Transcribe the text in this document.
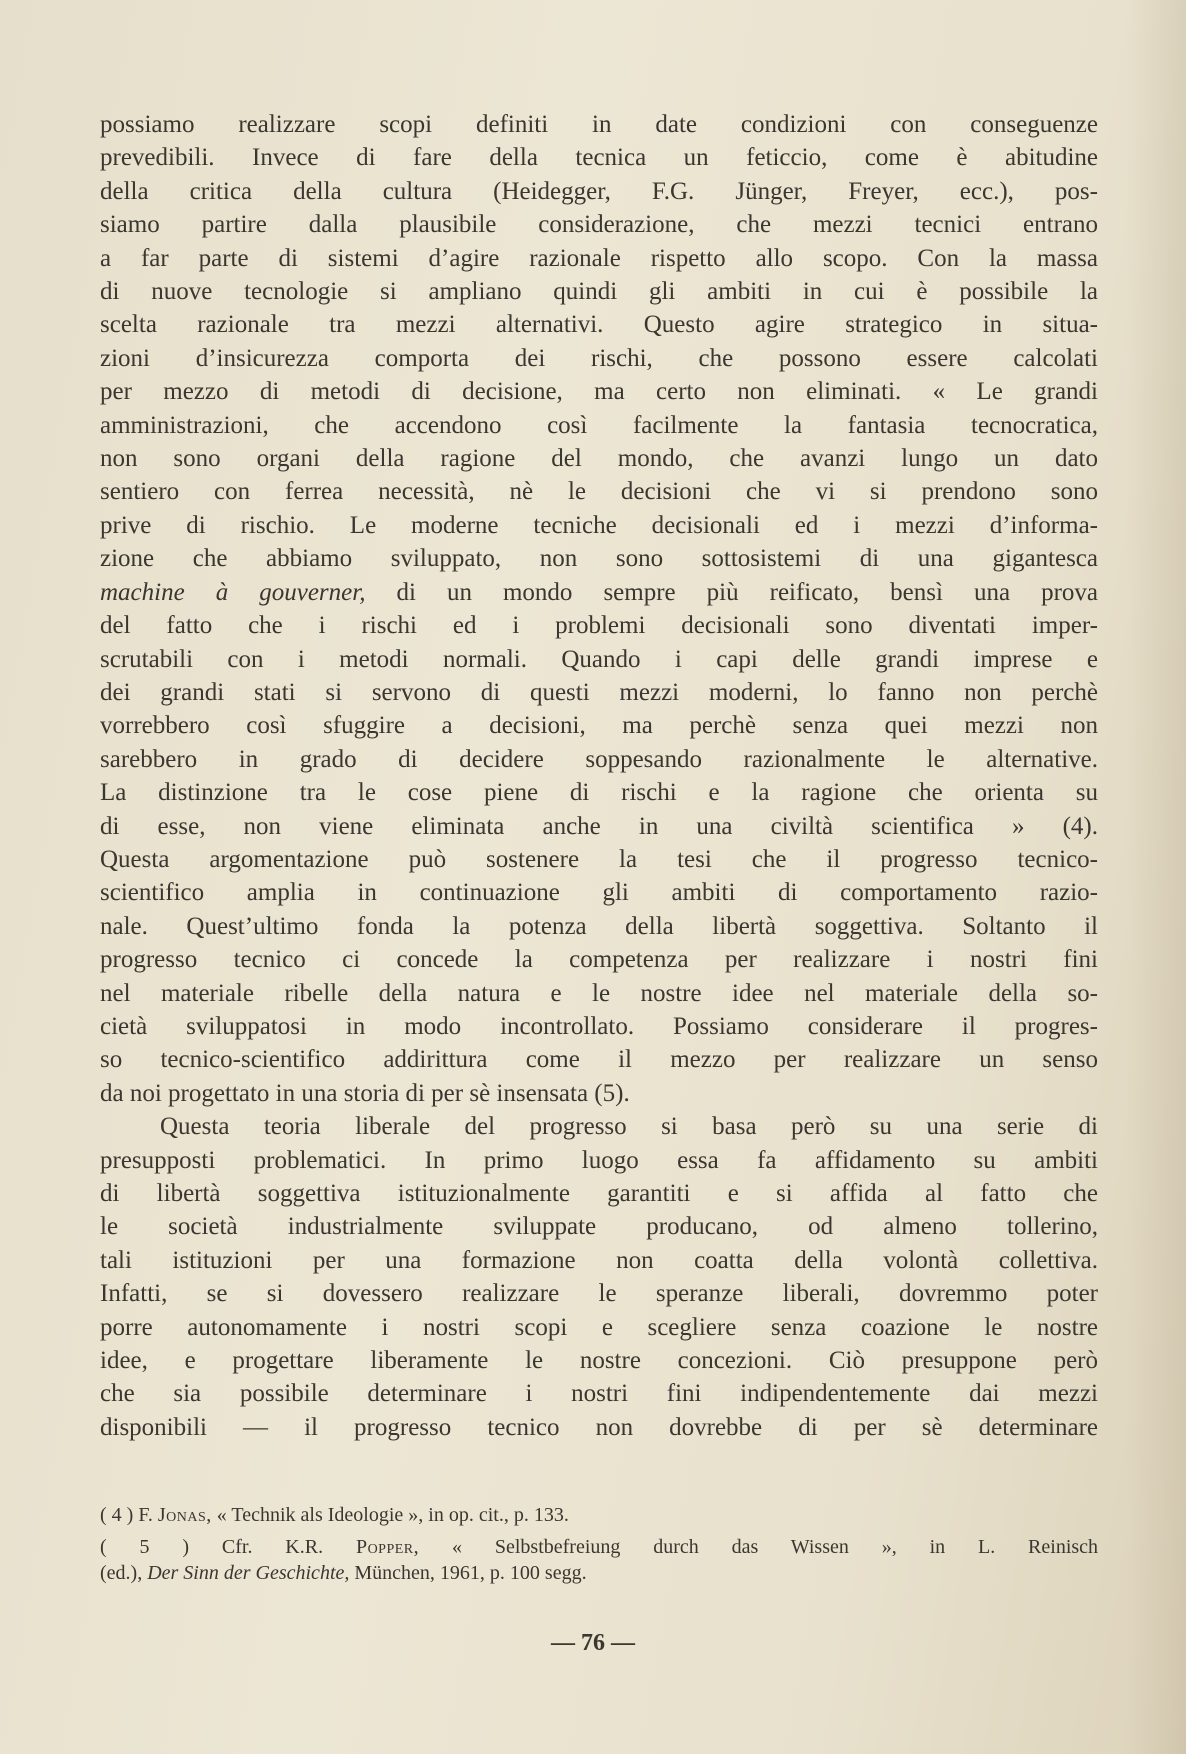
possiamo realizzare scopi definiti in date condizioni con conseguenze
prevedibili. Invece di fare della tecnica un feticcio, come è abitudine
della critica della cultura (Heidegger, F.G. Jünger, Freyer, ecc.), pos-
siamo partire dalla plausibile considerazione, che mezzi tecnici entrano
a far parte di sistemi d’agire razionale rispetto allo scopo. Con la massa
di nuove tecnologie si ampliano quindi gli ambiti in cui è possibile la
scelta razionale tra mezzi alternativi. Questo agire strategico in situa-
zioni d’insicurezza comporta dei rischi, che possono essere calcolati
per mezzo di metodi di decisione, ma certo non eliminati. « Le grandi
amministrazioni, che accendono così facilmente la fantasia tecnocratica,
non sono organi della ragione del mondo, che avanzi lungo un dato
sentiero con ferrea necessità, nè le decisioni che vi si prendono sono
prive di rischio. Le moderne tecniche decisionali ed i mezzi d’informa-
zione che abbiamo sviluppato, non sono sottosistemi di una gigantesca
machine à gouverner, di un mondo sempre più reificato, bensì una prova
del fatto che i rischi ed i problemi decisionali sono diventati imper-
scrutabili con i metodi normali. Quando i capi delle grandi imprese e
dei grandi stati si servono di questi mezzi moderni, lo fanno non perchè
vorrebbero così sfuggire a decisioni, ma perchè senza quei mezzi non
sarebbero in grado di decidere soppesando razionalmente le alternative.
La distinzione tra le cose piene di rischi e la ragione che orienta su
di esse, non viene eliminata anche in una civiltà scientifica » (4).
Questa argomentazione può sostenere la tesi che il progresso tecnico-
scientifico amplia in continuazione gli ambiti di comportamento razio-
nale. Quest’ultimo fonda la potenza della libertà soggettiva. Soltanto il
progresso tecnico ci concede la competenza per realizzare i nostri fini
nel materiale ribelle della natura e le nostre idee nel materiale della so-
cietà sviluppatosi in modo incontrollato. Possiamo considerare il progres-
so tecnico-scientifico addirittura come il mezzo per realizzare un senso
da noi progettato in una storia di per sè insensata (5).

Questa teoria liberale del progresso si basa però su una serie di
presupposti problematici. In primo luogo essa fa affidamento su ambiti
di libertà soggettiva istituzionalmente garantiti e si affida al fatto che
le società industrialmente sviluppate producano, od almeno tollerino,
tali istituzioni per una formazione non coatta della volontà collettiva.
Infatti, se si dovessero realizzare le speranze liberali, dovremmo poter
porre autonomamente i nostri scopi e scegliere senza coazione le nostre
idee, e progettare liberamente le nostre concezioni. Ciò presuppone però
che sia possibile determinare i nostri fini indipendentemente dai mezzi
disponibili — il progresso tecnico non dovrebbe di per sè determinare

( 4 ) F. Jonas, « Technik als Ideologie », in op. cit., p. 133.
( 5 ) Cfr. K.R. Popper, « Selbstbefreiung durch das Wissen », in L. Reinisch
(ed.), Der Sinn der Geschichte, München, 1961, p. 100 segg.
— 76 —
